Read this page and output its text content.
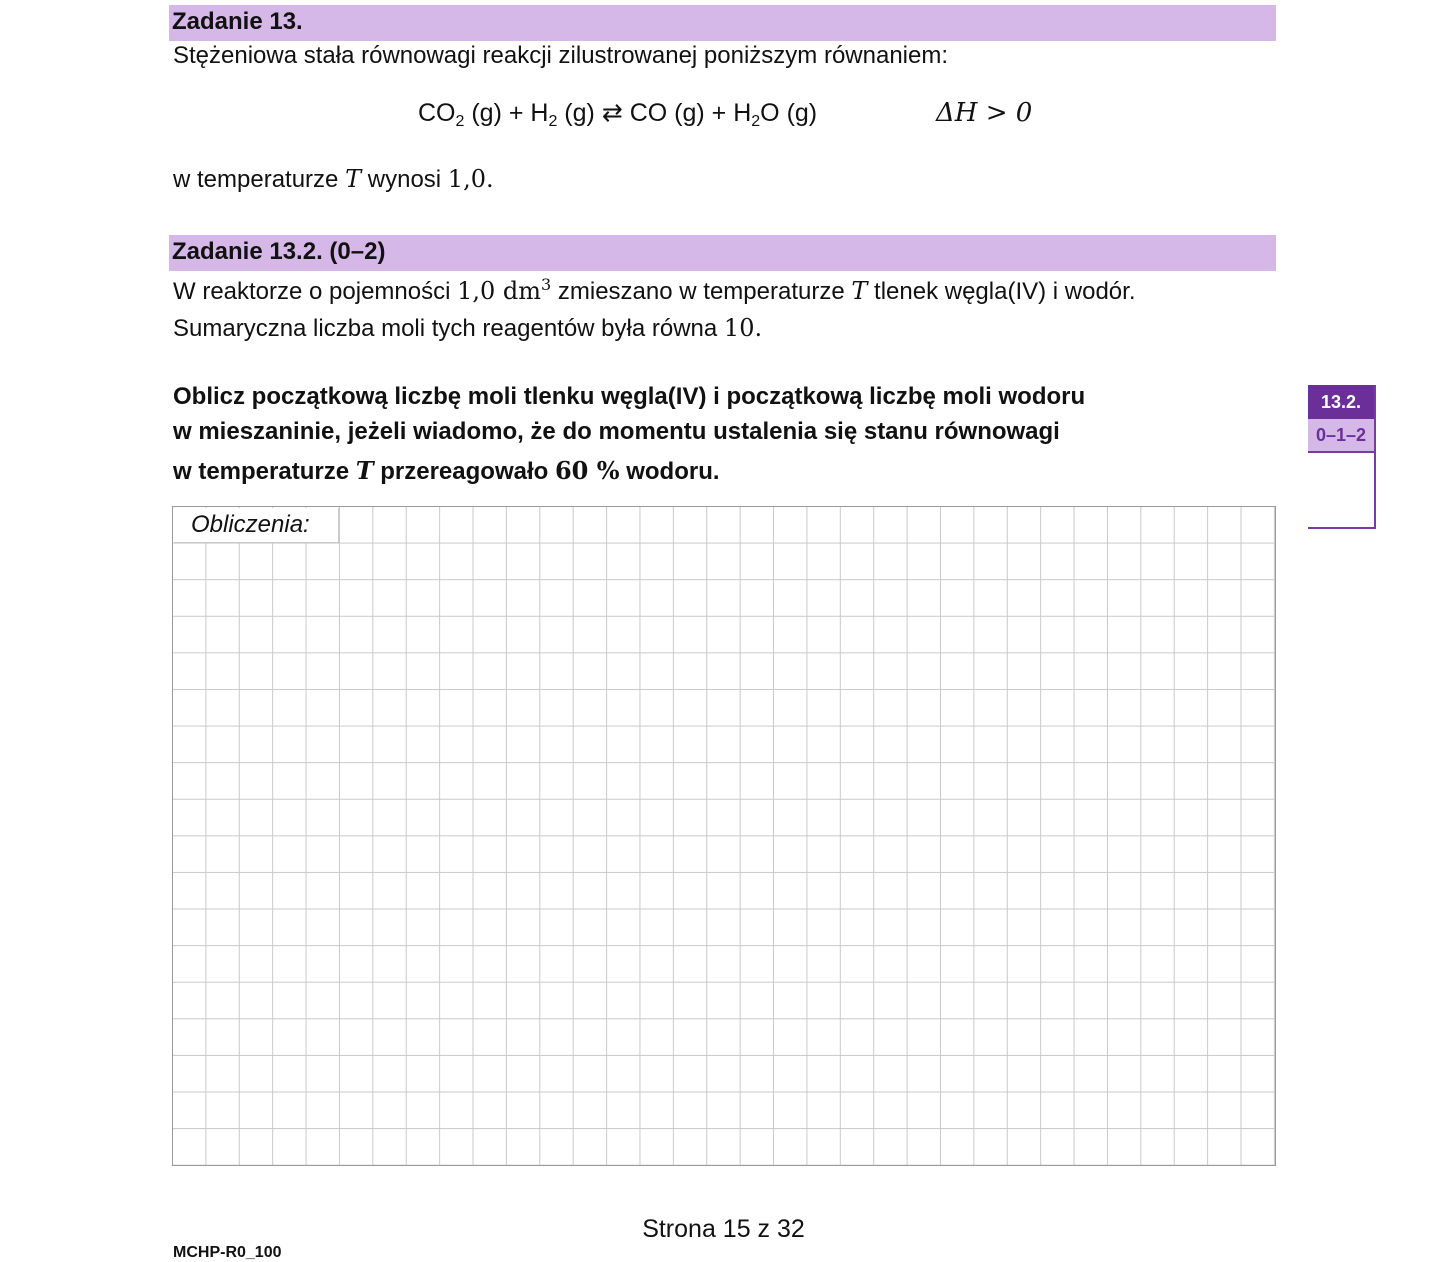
Zadanie 13.
Stężeniowa stała równowagi reakcji zilustrowanej poniższym równaniem:
$CO_2$ $(g) + H_2$ (g) ⇄ CO $(g) + H_2O$ (g)	ΔH > 0
w temperaturze T wynosi 1,0.
Zadanie 13.2. (0–2)
W reaktorze o pojemności 1,0 $dm^3$ zmieszano w temperaturze T tlenek węgla(IV) i wodór.
Sumaryczna liczba moli tych reagentów była równa 10.
Oblicz początkową liczbę moli tlenku węgla(IV) i początkową liczbę moli wodoru
w mieszaninie, jeżeli wiadomo, że do momentu ustalenia się stanu równowagi
w temperaturze T przereagowało 60 % wodoru.
Obliczenia:
13.2.
0–1–2
Strona 15 z 32
MCHP-R0_100
